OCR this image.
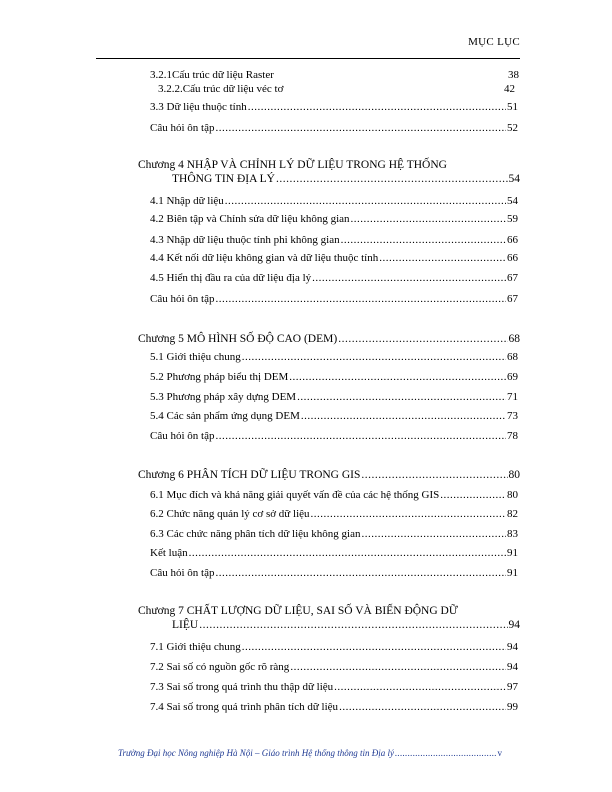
MỤC LỤC
3.2.1Cấu trúc dữ liệu Raster	38
3.2.2.Cấu trúc dữ liệu véc tơ	42
3.3 Dữ liệu thuộc tính .....	51
Câu hỏi ôn tập .....	52
Chương 4 NHẬP VÀ CHỈNH LÝ DỮ LIỆU TRONG HỆ THỐNG
THÔNG TIN ĐỊA LÝ .....	54
4.1 Nhập dữ liệu .....	54
4.2 Biên tập và Chỉnh sửa dữ liệu không gian .....	59
4.3 Nhập dữ liệu thuộc tính phi không gian .....	66
4.4 Kết nối dữ liệu không gian và dữ liệu thuộc tính .....	66
4.5 Hiển thị đầu ra của dữ liệu địa lý .....	67
Câu hỏi ôn tập .....	67
Chương 5 MÔ HÌNH SỐ ĐỘ CAO (DEM) .....	68
5.1 Giới thiệu chung .....	68
5.2 Phương pháp biểu thị DEM .....	69
5.3 Phương pháp xây dựng DEM .....	71
5.4 Các sản phẩm ứng dụng DEM .....	73
Câu hỏi ôn tập .....	78
Chương 6 PHÂN TÍCH DỮ LIỆU TRONG GIS .....	80
6.1 Mục đích và khả năng giải quyết vấn đề của các hệ thống GIS .....	80
6.2 Chức năng quản lý cơ sở dữ liệu .....	82
6.3 Các chức năng phân tích dữ liệu không gian .....	83
Kết luận .....	91
Câu hỏi ôn tập .....	91
Chương 7 CHẤT LƯỢNG DỮ LIỆU, SAI SỐ VÀ BIẾN ĐỘNG DỮ
LIỆU .....	94
7.1 Giới thiệu chung .....	94
7.2 Sai số có nguồn gốc rõ ràng .....	94
7.3 Sai số trong quá trình thu thập dữ liệu .....	97
7.4 Sai số trong quá trình phân tích dữ liệu .....	99
Trường Đại học Nông nghiệp Hà Nội – Giáo trình Hệ thống thông tin Địa lý .....	v
